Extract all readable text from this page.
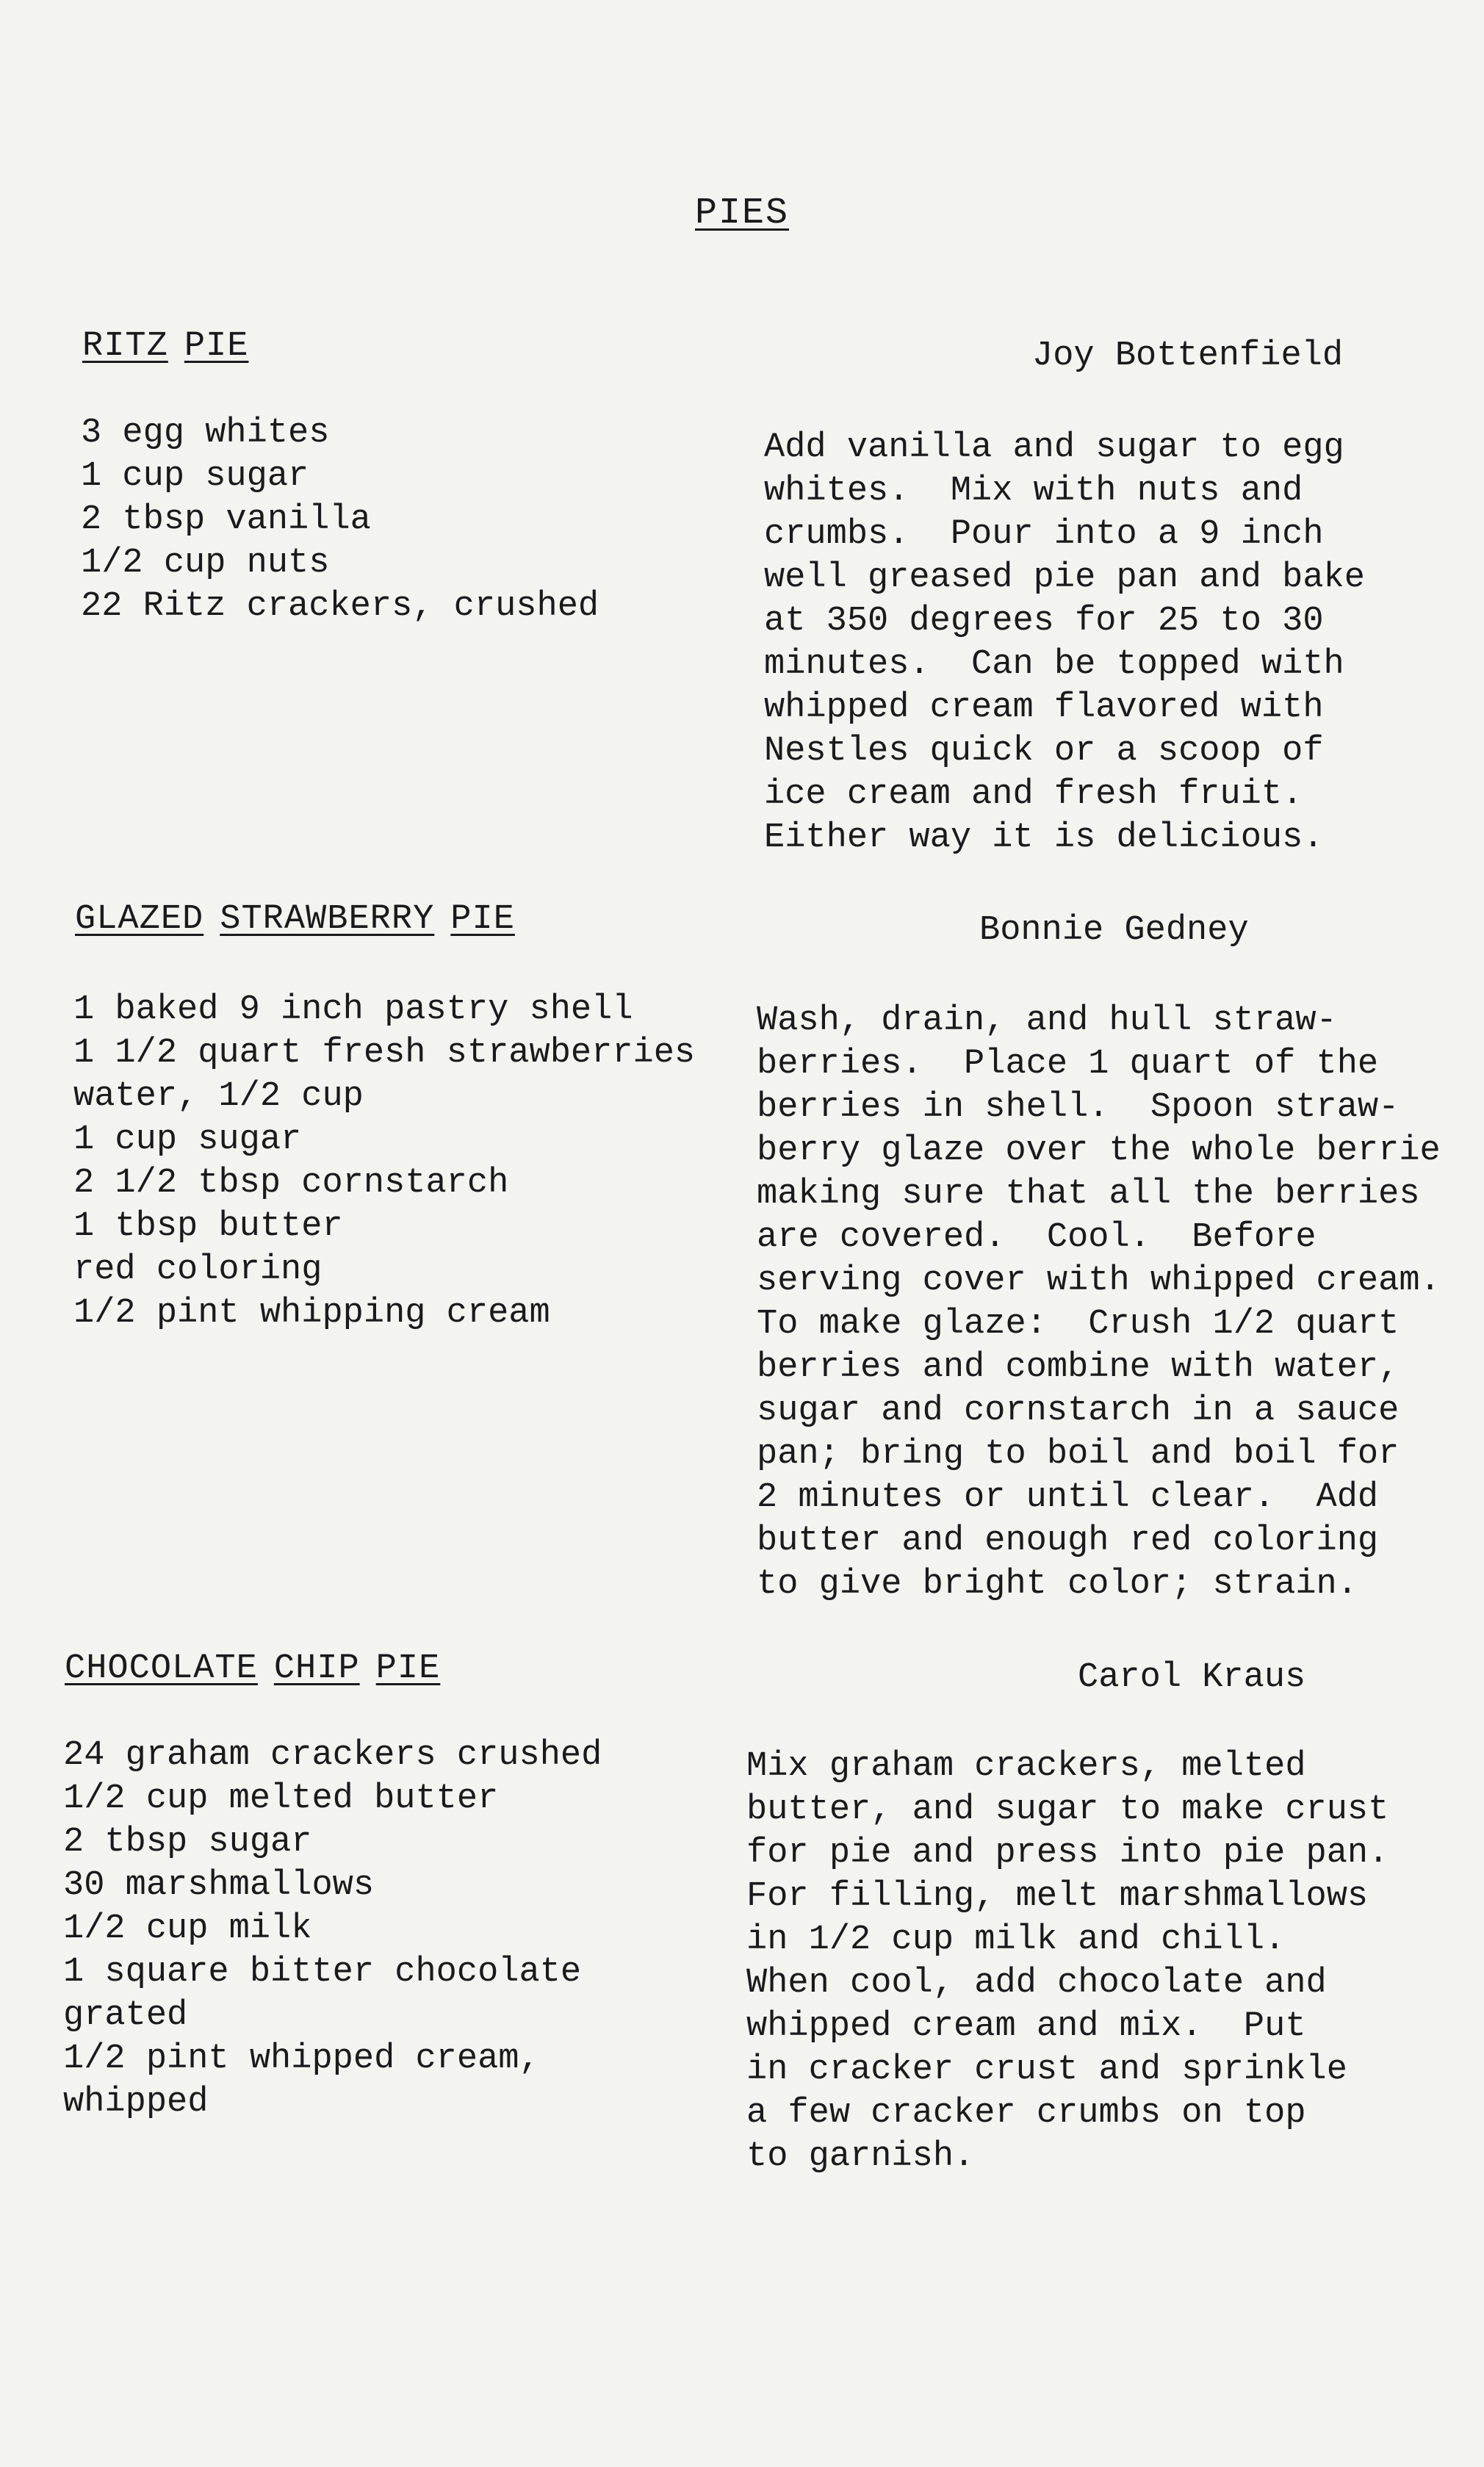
PIES
RITZ PIE	Joy Bottenfield
3 egg whites
1 cup sugar
2 tbsp vanilla
1/2 cup nuts
22 Ritz crackers, crushed
Add vanilla and sugar to egg
whites.  Mix with nuts and
crumbs.  Pour into a 9 inch
well greased pie pan and bake
at 350 degrees for 25 to 30
minutes.  Can be topped with
whipped cream flavored with
Nestles quick or a scoop of
ice cream and fresh fruit.
Either way it is delicious.
GLAZED STRAWBERRY PIE	Bonnie Gedney
1 baked 9 inch pastry shell
1 1/2 quart fresh strawberries
water, 1/2 cup
1 cup sugar
2 1/2 tbsp cornstarch
1 tbsp butter
red coloring
1/2 pint whipping cream
Wash, drain, and hull straw-
berries.  Place 1 quart of the
berries in shell.  Spoon straw-
berry glaze over the whole berrie
making sure that all the berries
are covered.  Cool.  Before
serving cover with whipped cream.
To make glaze:  Crush 1/2 quart
berries and combine with water,
sugar and cornstarch in a sauce
pan; bring to boil and boil for
2 minutes or until clear.  Add
butter and enough red coloring
to give bright color; strain.
CHOCOLATE CHIP PIE	Carol Kraus
24 graham crackers crushed
1/2 cup melted butter
2 tbsp sugar
30 marshmallows
1/2 cup milk
1 square bitter chocolate
grated
1/2 pint whipped cream,
whipped
Mix graham crackers, melted
butter, and sugar to make crust
for pie and press into pie pan.
For filling, melt marshmallows
in 1/2 cup milk and chill.
When cool, add chocolate and
whipped cream and mix.  Put
in cracker crust and sprinkle
a few cracker crumbs on top
to garnish.
